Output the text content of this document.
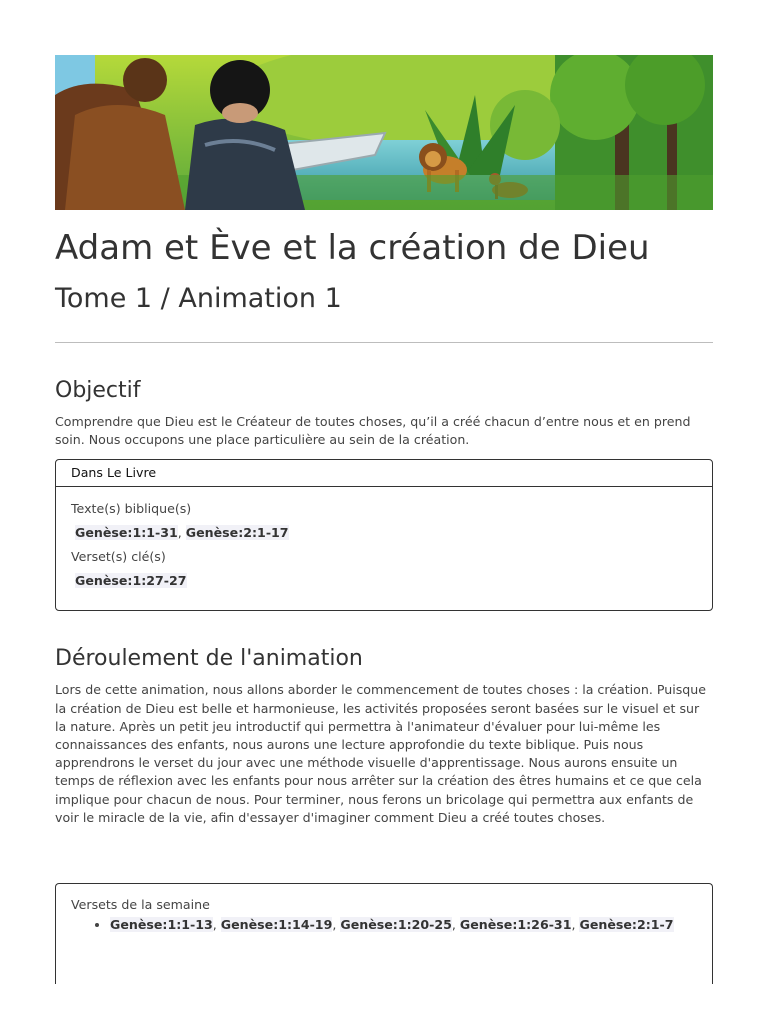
Adam et Ève et la création de Dieu
Tome 1 / Animation 1
Objectif

Comprendre que Dieu est le Créateur de toutes choses, qu’il a créé chacun d’entre nous et en prend soin. Nous occupons une place particulière au sein de la création.

Dans Le Livre
Texte(s) biblique(s)
Genèse:1:1-31, Genèse:2:1-17
Verset(s) clé(s)
Genèse:1:27-27
Déroulement de l'animation

Lors de cette animation, nous allons aborder le commencement de toutes choses : la création. Puisque la création de Dieu est belle et harmonieuse, les activités proposées seront basées sur le visuel et sur la nature. Après un petit jeu introductif qui permettra à l'animateur d'évaluer pour lui-même les connaissances des enfants, nous aurons une lecture approfondie du texte biblique. Puis nous apprendrons le verset du jour avec une méthode visuelle d'apprentissage. Nous aurons ensuite un temps de réflexion avec les enfants pour nous arrêter sur la création des êtres humains et ce que cela implique pour chacun de nous. Pour terminer, nous ferons un bricolage qui permettra aux enfants de voir le miracle de la vie, afin d'essayer d'imaginer comment Dieu a créé toutes choses.

Versets de la semaine
• Genèse:1:1-13, Genèse:1:14-19, Genèse:1:20-25, Genèse:1:26-31, Genèse:2:1-7
